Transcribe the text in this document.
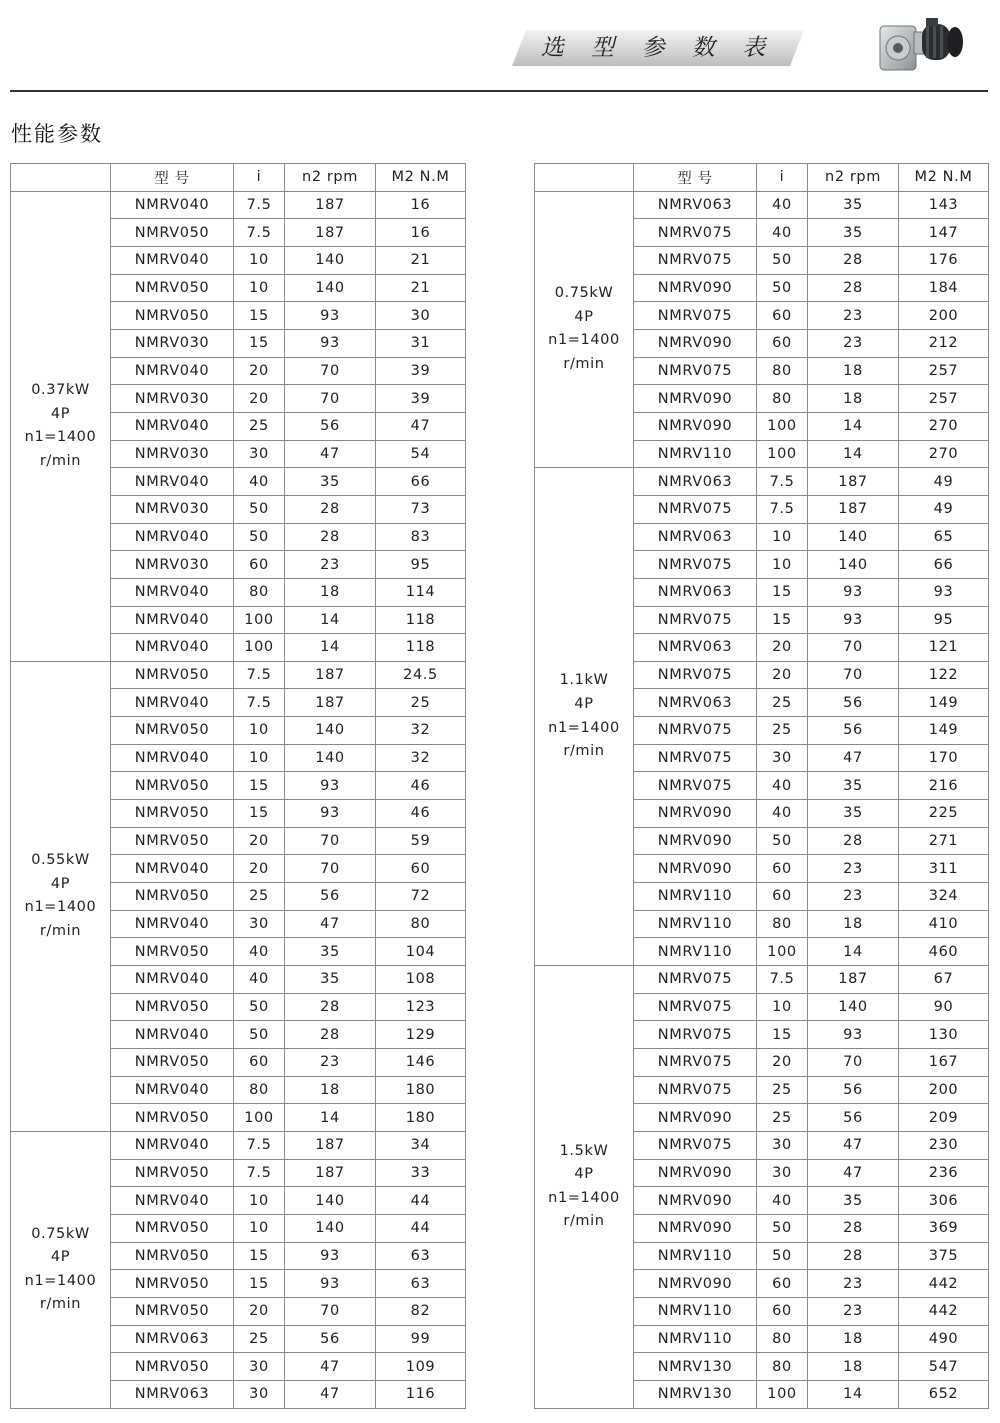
选 型 参 数 表
性能参数
	型 号	i	n2 rpm	M2 N.M

0.37kW
4P
n1=1400
r/min	NMRV040	7.5	187	16
	NMRV050	7.5	187	16
	NMRV040	10	140	21
	NMRV050	10	140	21
	NMRV050	15	93	30
	NMRV030	15	93	31
	NMRV040	20	70	39
	NMRV030	20	70	39
	NMRV040	25	56	47
	NMRV030	30	47	54
	NMRV040	40	35	66
	NMRV030	50	28	73
	NMRV040	50	28	83
	NMRV030	60	23	95
	NMRV040	80	18	114
	NMRV040	100	14	118
	NMRV040	100	14	118

0.55kW
4P
n1=1400
r/min	NMRV050	7.5	187	24.5
	NMRV040	7.5	187	25
	NMRV050	10	140	32
	NMRV040	10	140	32
	NMRV050	15	93	46
	NMRV050	15	93	46
	NMRV050	20	70	59
	NMRV040	20	70	60
	NMRV050	25	56	72
	NMRV040	30	47	80
	NMRV050	40	35	104
	NMRV040	40	35	108
	NMRV050	50	28	123
	NMRV040	50	28	129
	NMRV050	60	23	146
	NMRV040	80	18	180
	NMRV050	100	14	180

0.75kW
4P
n1=1400
r/min	NMRV040	7.5	187	34
	NMRV050	7.5	187	33
	NMRV040	10	140	44
	NMRV050	10	140	44
	NMRV050	15	93	63
	NMRV050	15	93	63
	NMRV050	20	70	82
	NMRV063	25	56	99
	NMRV050	30	47	109
	NMRV063	30	47	116
	型 号	i	n2 rpm	M2 N.M

0.75kW
4P
n1=1400
r/min	NMRV063	40	35	143
	NMRV075	40	35	147
	NMRV075	50	28	176
	NMRV090	50	28	184
	NMRV075	60	23	200
	NMRV090	60	23	212
	NMRV075	80	18	257
	NMRV090	80	18	257
	NMRV090	100	14	270
	NMRV110	100	14	270

1.1kW
4P
n1=1400
r/min	NMRV063	7.5	187	49
	NMRV075	7.5	187	49
	NMRV063	10	140	65
	NMRV075	10	140	66
	NMRV063	15	93	93
	NMRV075	15	93	95
	NMRV063	20	70	121
	NMRV075	20	70	122
	NMRV063	25	56	149
	NMRV075	25	56	149
	NMRV075	30	47	170
	NMRV075	40	35	216
	NMRV090	40	35	225
	NMRV090	50	28	271
	NMRV090	60	23	311
	NMRV110	60	23	324
	NMRV110	80	18	410
	NMRV110	100	14	460

1.5kW
4P
n1=1400
r/min	NMRV075	7.5	187	67
	NMRV075	10	140	90
	NMRV075	15	93	130
	NMRV075	20	70	167
	NMRV075	25	56	200
	NMRV090	25	56	209
	NMRV075	30	47	230
	NMRV090	30	47	236
	NMRV090	40	35	306
	NMRV090	50	28	369
	NMRV110	50	28	375
	NMRV090	60	23	442
	NMRV110	60	23	442
	NMRV110	80	18	490
	NMRV130	80	18	547
	NMRV130	100	14	652
